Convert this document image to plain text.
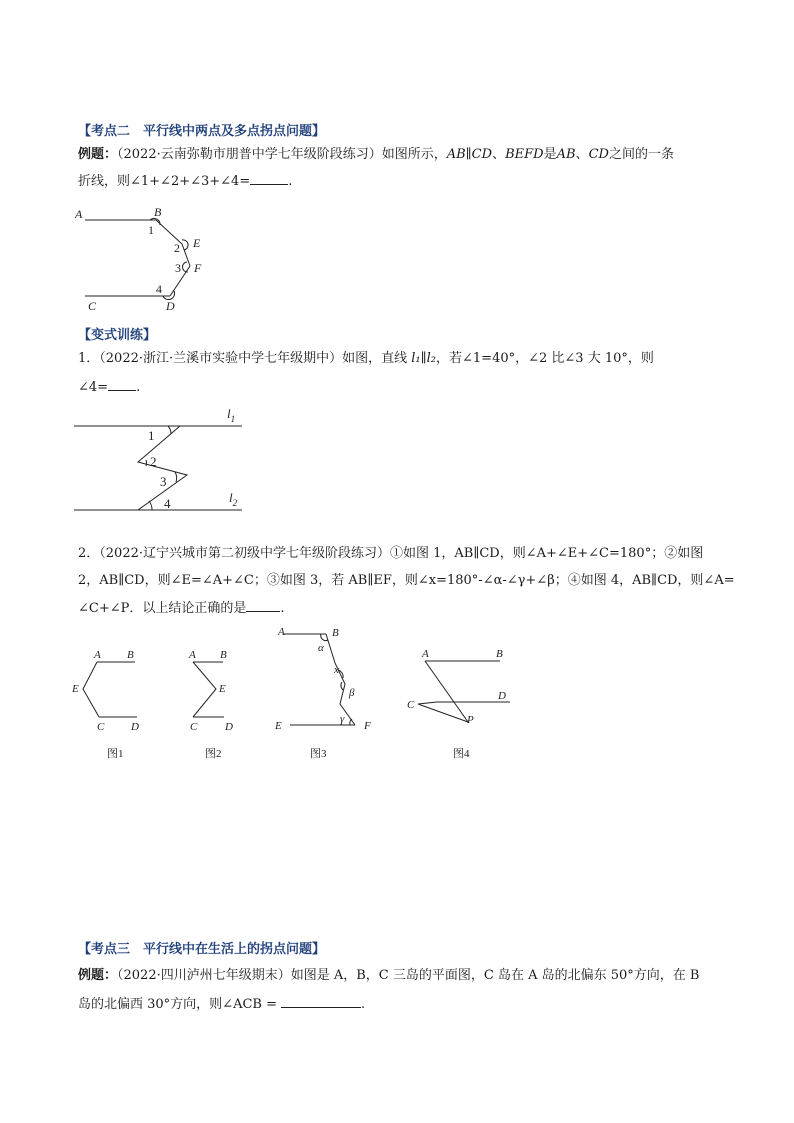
【考点二　平行线中两点及多点拐点问题】
例题：（2022·云南弥勒市朋普中学七年级阶段练习）如图所示，AB∥CD、BEFD是AB、CD之间的一条
折线，则∠1+∠2+∠3+∠4=	.
A	B
E
F
C	D
1
2
3
4
【变式训练】
1．（2022·浙江·兰溪市实验中学七年级期中）如图，直线 l₁∥l₂，若∠1=40°，∠2 比∠3 大 10°，则
∠4= .
$l_1$
$l_2$
1
2
3
4
2．（2022·辽宁兴城市第二初级中学七年级阶段练习）①如图 1，AB∥CD，则∠A+∠E+∠C=180°；②如图
2，AB∥CD，则∠E=∠A+∠C；③如图 3，若 AB∥EF，则∠x=180°-∠α-∠γ+∠β；④如图 4，AB∥CD，则∠A=
∠C+∠P．以上结论正确的是	.
A B
E
C D
图1
A B
E
C	D
图2
A	B
E	F
α
x
β
γ
图3
A	B
C
D
P
图4
【考点三　平行线中在生活上的拐点问题】
例题：（2022·四川泸州七年级期末）如图是 A，B，C 三岛的平面图，C 岛在 A 岛的北偏东 50°方向，在 B
岛的北偏西 30°方向，则∠ACB =	.
